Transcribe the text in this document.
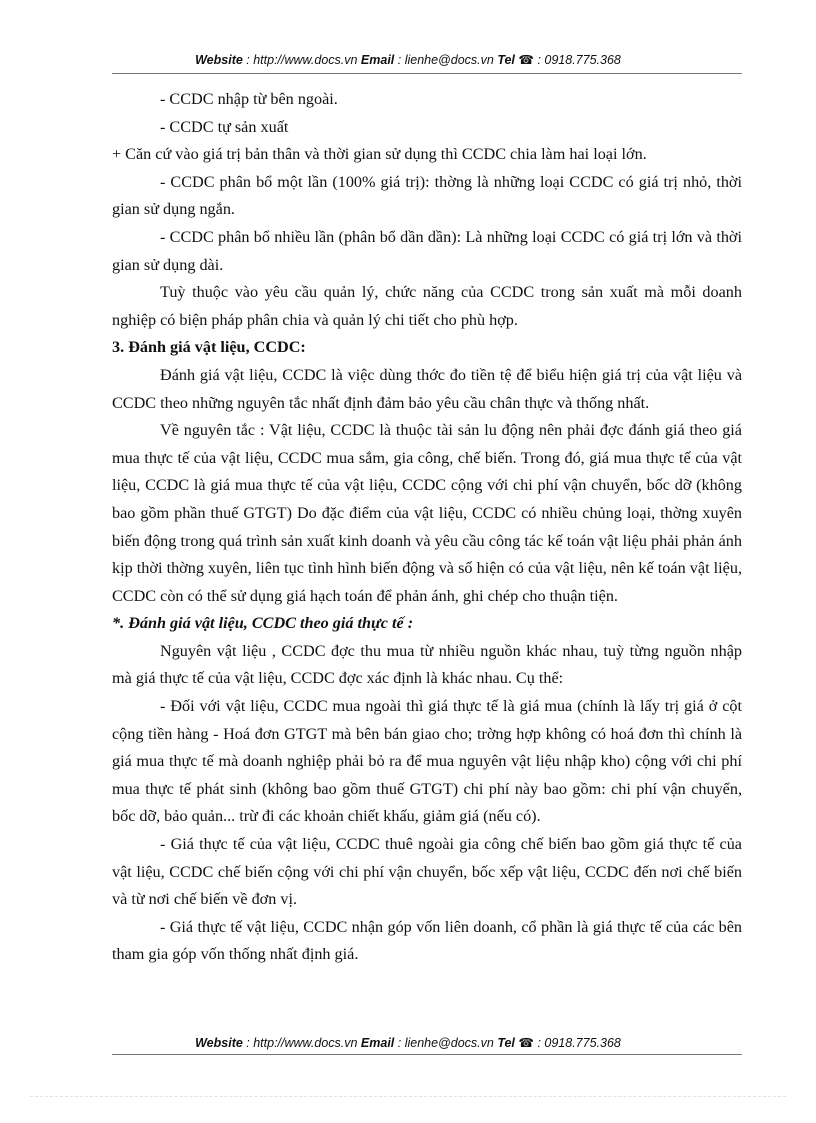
Website : http://www.docs.vn Email : lienhe@docs.vn Tel ☎ : 0918.775.368

- CCDC nhập từ bên ngoài.

- CCDC tự sản xuất

+ Căn cứ vào giá trị bản thân và thời gian sử dụng thì CCDC chia làm hai loại lớn.

- CCDC phân bổ một lần (100% giá trị): thờng là những loại CCDC có giá trị nhỏ, thời gian sử dụng ngắn.

- CCDC phân bổ nhiều lần (phân bổ dần dần): Là những loại CCDC có giá trị lớn và thời gian sử dụng dài.

Tuỳ thuộc vào yêu cầu quản lý, chức năng của CCDC trong sản xuất mà mỗi doanh nghiệp có biện pháp phân chia và quản lý chi tiết cho phù hợp.

3. Đánh giá vật liệu, CCDC:

Đánh giá vật liệu, CCDC là việc dùng thớc đo tiền tệ để biểu hiện giá trị của vật liệu và CCDC theo những nguyên tắc nhất định đảm bảo yêu cầu chân thực và thống nhất.

Về nguyên tắc : Vật liệu, CCDC là thuộc tài sản lu động nên phải đợc đánh giá theo giá mua thực tế của vật liệu, CCDC mua sắm, gia công, chế biến. Trong đó, giá mua thực tế của vật liệu, CCDC là giá mua thực tế của vật liệu, CCDC cộng với chi phí vận chuyển, bốc dỡ (không bao gồm phần thuế GTGT) Do đặc điểm của vật liệu, CCDC có nhiều chủng loại, thờng xuyên biến động trong quá trình sản xuất kinh doanh và yêu cầu công tác kế toán vật liệu phải phản ánh kịp thời thờng xuyên, liên tục tình hình biến động và số hiện có của vật liệu, nên kế toán vật liệu, CCDC còn có thể sử dụng giá hạch toán để phản ánh, ghi chép cho thuận tiện.

*. Đánh giá vật liệu, CCDC theo giá thực tế :

Nguyên vật liệu , CCDC đợc thu mua từ nhiều nguồn khác nhau, tuỳ từng nguồn nhập mà giá thực tế của vật liệu, CCDC đợc xác định là khác nhau. Cụ thể:

- Đối với vật liệu, CCDC mua ngoài thì giá thực tế là giá mua (chính là lấy trị giá ở cột cộng tiền hàng - Hoá đơn GTGT mà bên bán giao cho; trờng hợp không có hoá đơn thì chính là giá mua thực tế mà doanh nghiệp phải bỏ ra để mua nguyên vật liệu nhập kho) cộng với chi phí mua thực tế phát sinh (không bao gồm thuế GTGT) chi phí này bao gồm: chi phí vận chuyển, bốc dỡ, bảo quản... trừ đi các khoản chiết khấu, giảm giá (nếu có).

- Giá thực tế của vật liệu, CCDC thuê ngoài gia công chế biến bao gồm giá thực tế của vật liệu, CCDC chế biến cộng với chi phí vận chuyển, bốc xếp vật liệu, CCDC đến nơi chế biến và từ nơi chế biến về đơn vị.

- Giá thực tế vật liệu, CCDC nhận góp vốn liên doanh, cổ phần là giá thực tế của các bên tham gia góp vốn thống nhất định giá.

Website : http://www.docs.vn Email : lienhe@docs.vn Tel ☎ : 0918.775.368
